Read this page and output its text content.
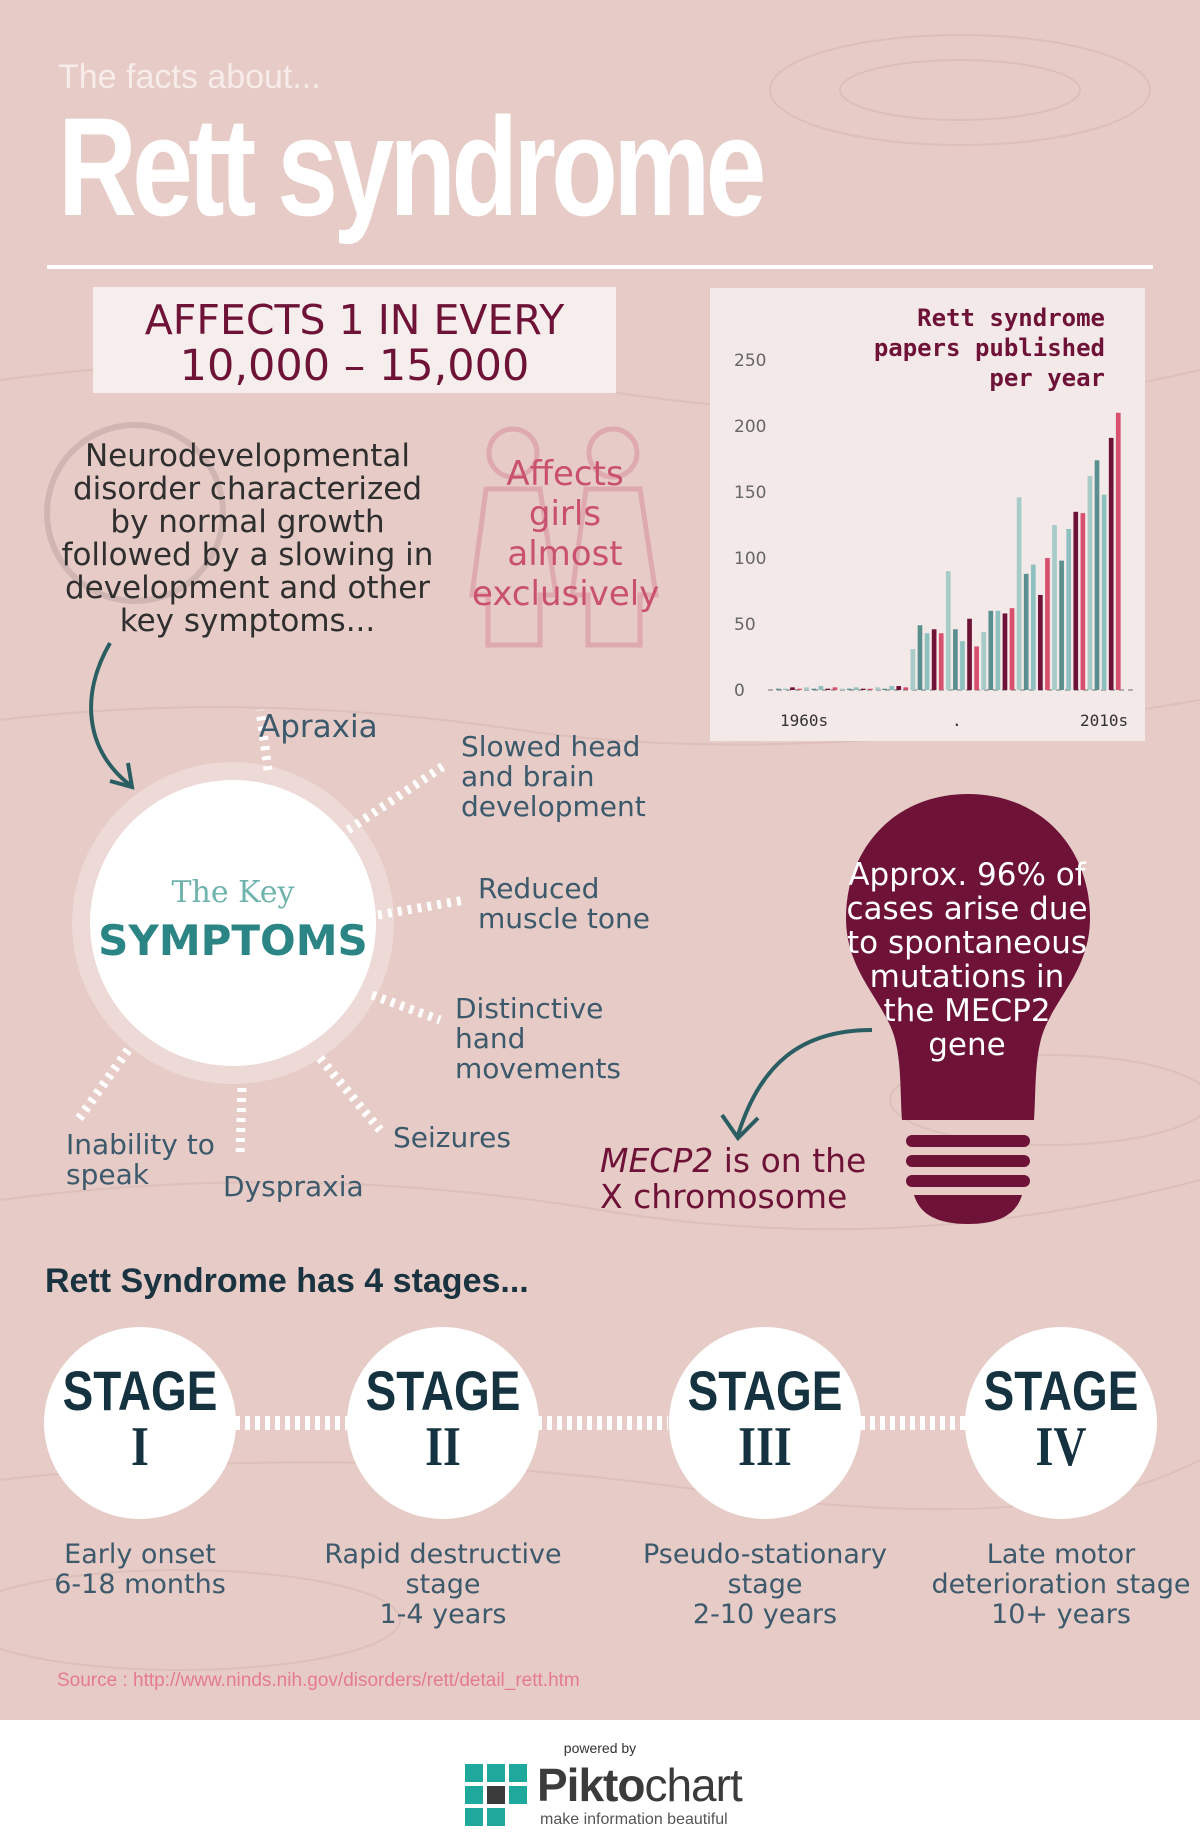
The facts about...
Rett syndrome
AFFECTS 1 IN EVERY
10,000 – 15,000
Rett syndrome
papers published
per year
0
50
100
150
200
250
1960s	.	2010s
Neurodevelopmental disorder characterized by normal growth followed by a slowing in development and other key symptoms...
Affects girls almost exclusively
The Key
SYMPTOMS
Apraxia
Slowed head and brain development
Reduced muscle tone
Distinctive hand movements
Seizures
Dyspraxia
Inability to speak
Approx. 96% of cases arise due to spontaneous mutations in the MECP2 gene
MECP2 is on the
X chromosome
Rett Syndrome has 4 stages...
STAGE
I
STAGE
II
STAGE
III
STAGE
IV
Early onset
6-18 months
Rapid destructive stage
1-4 years
Pseudo-stationary stage
2-10 years
Late motor deterioration stage
10+ years
Source : http://www.ninds.nih.gov/disorders/rett/detail_rett.htm
powered by
Piktochart
make information beautiful
